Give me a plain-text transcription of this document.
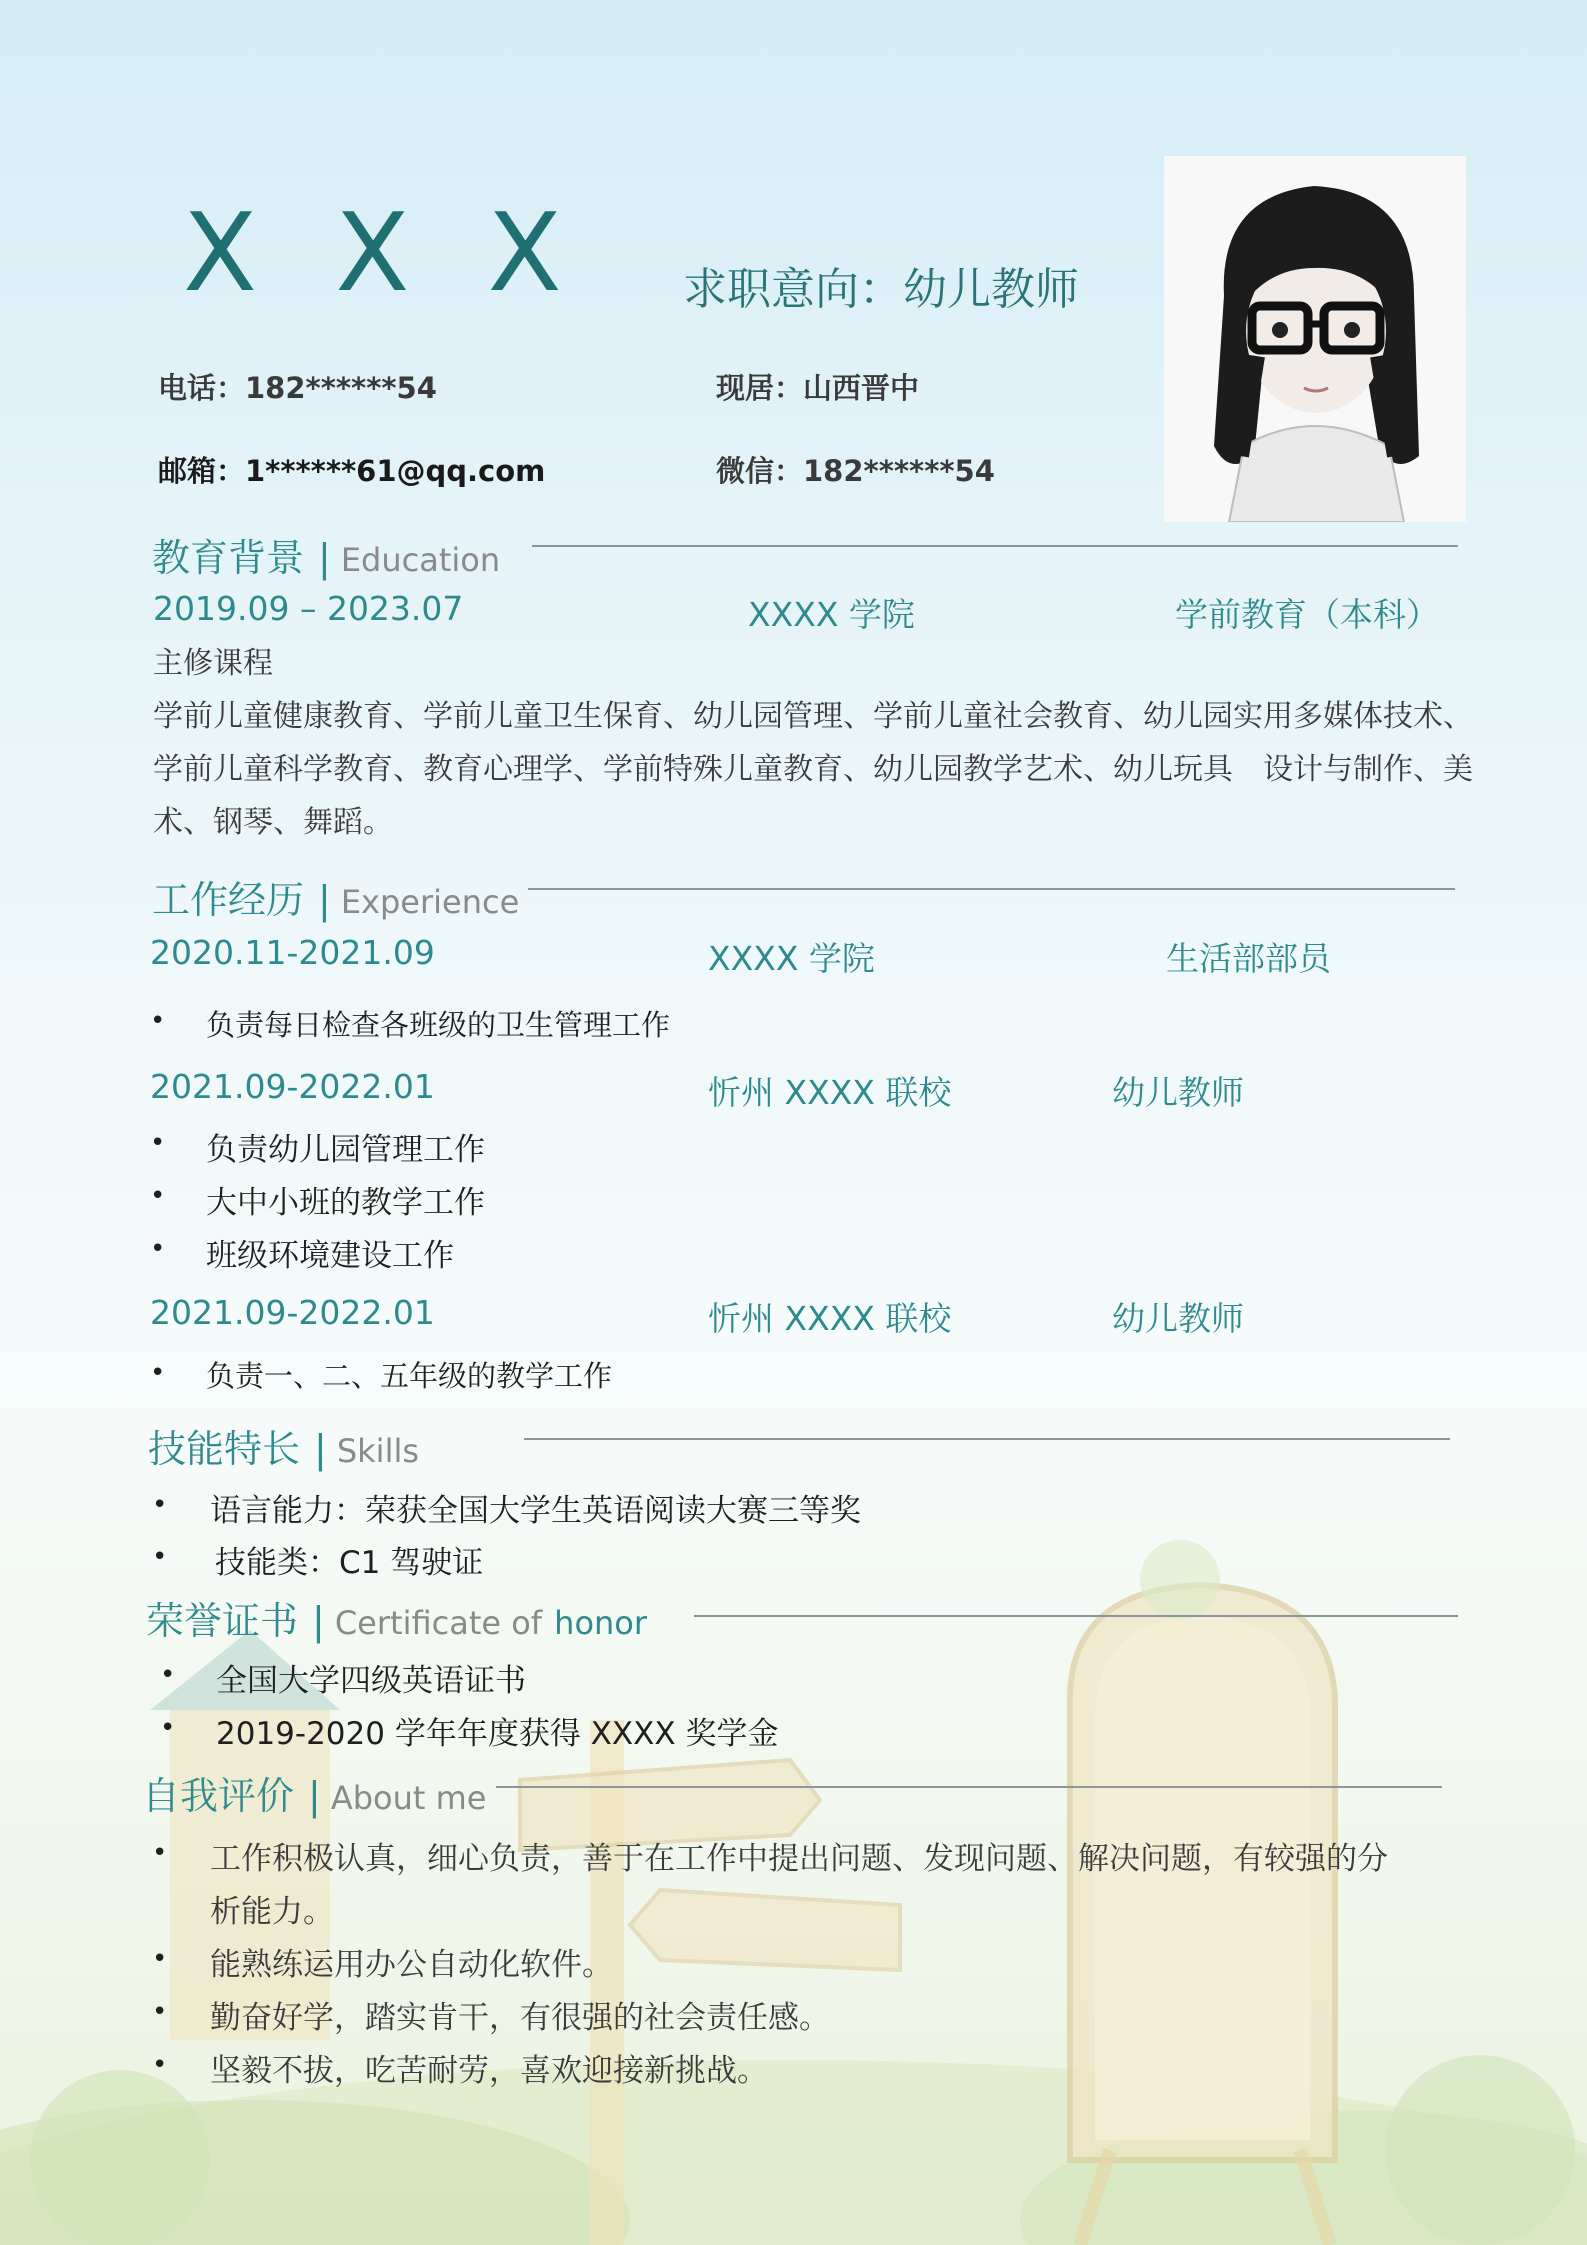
X X X 求职意向：幼儿教师
电话：182******54	现居：山西晋中
邮箱：1******61@qq.com	微信：182******54
教育背景 | Education
2019.09 – 2023.07	XXXX 学院	学前教育（本科）
主修课程
学前儿童健康教育、学前儿童卫生保育、幼儿园管理、学前儿童社会教育、幼儿园实用多媒体技术、
学前儿童科学教育、教育心理学、学前特殊儿童教育、幼儿园教学艺术、幼儿玩具　设计与制作、美
术、钢琴、舞蹈。
工作经历 | Experience
2020.11-2021.09	XXXX 学院	生活部部员
• 负责每日检查各班级的卫生管理工作
2021.09-2022.01	忻州 XXXX 联校	幼儿教师
• 负责幼儿园管理工作
• 大中小班的教学工作
• 班级环境建设工作
2021.09-2022.01	忻州 XXXX 联校	幼儿教师
• 负责一、二、五年级的教学工作
技能特长 | Skills
• 语言能力：荣获全国大学生英语阅读大赛三等奖
• 技能类：C1 驾驶证
荣誉证书 | Certificate of honor
• 全国大学四级英语证书
• 2019-2020 学年年度获得 XXXX 奖学金
自我评价 | About me
• 工作积极认真，细心负责，善于在工作中提出问题、发现问题、解决问题，有较强的分
析能力。
• 能熟练运用办公自动化软件。
• 勤奋好学，踏实肯干，有很强的社会责任感。
• 坚毅不拔，吃苦耐劳，喜欢迎接新挑战。
